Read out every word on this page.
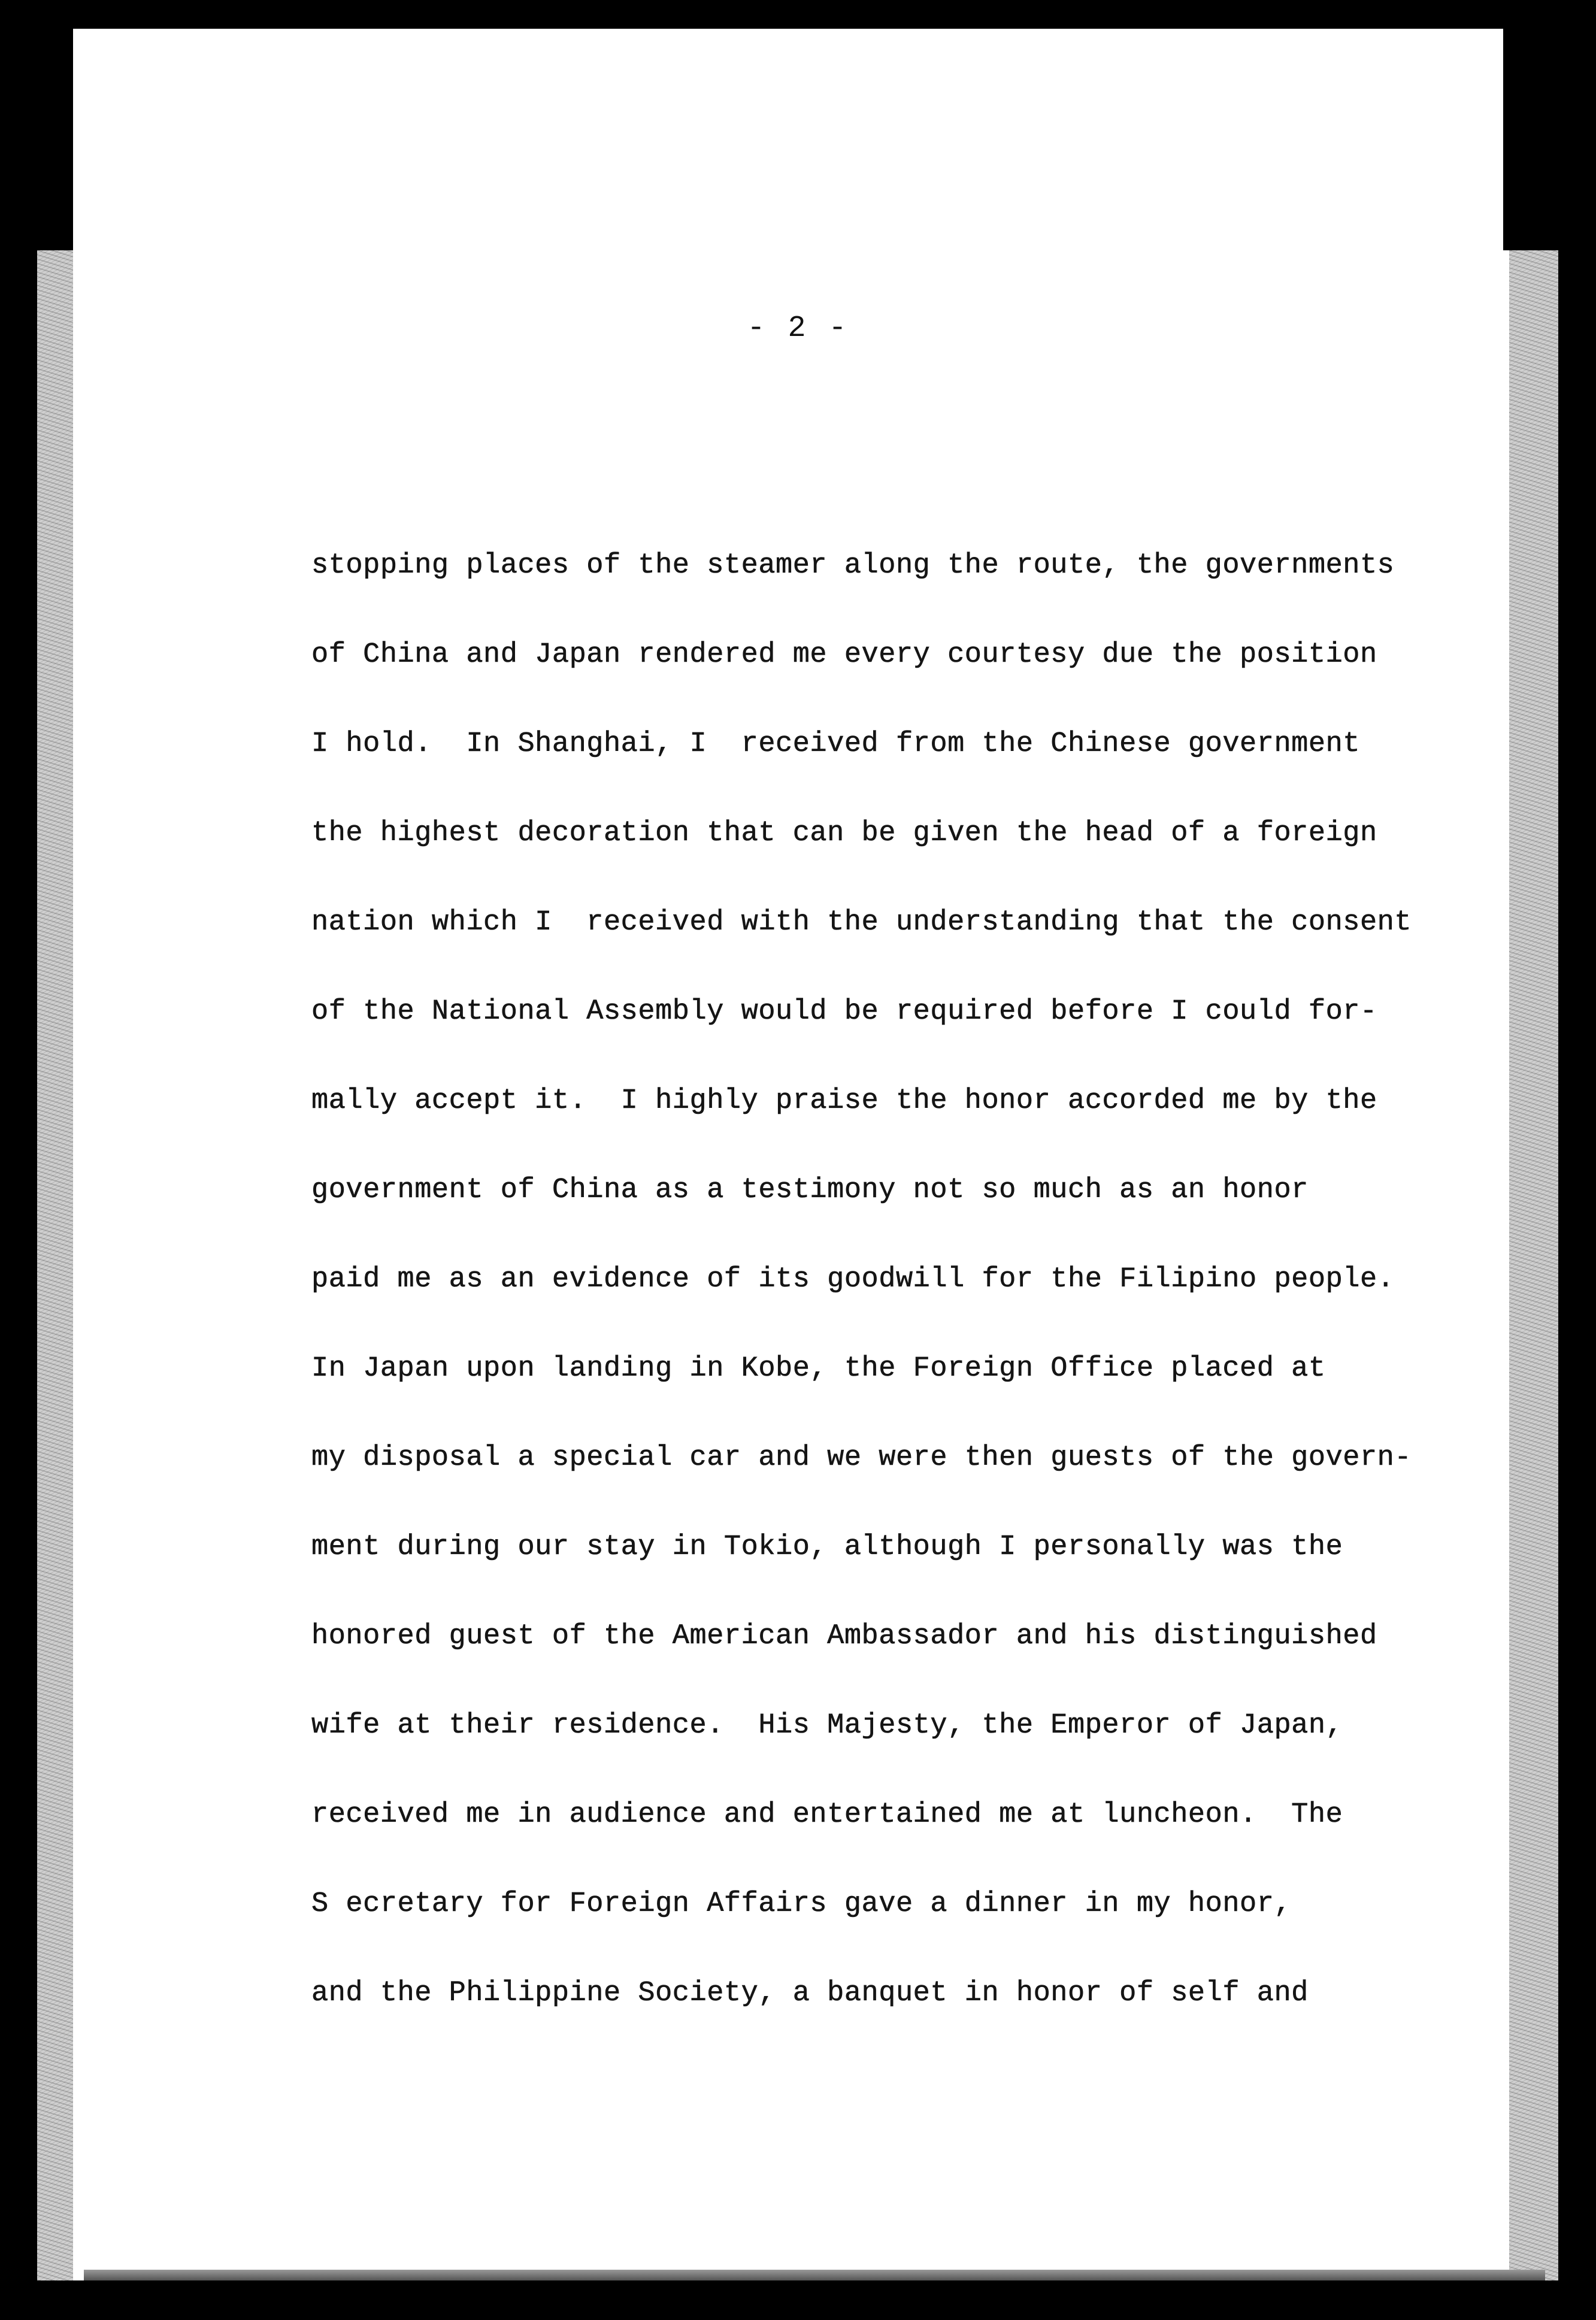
- 2 -
stopping places of the steamer along the route, the governments
of China and Japan rendered me every courtesy due the position
I hold.  In Shanghai, I  received from the Chinese government
the highest decoration that can be given the head of a foreign
nation which I  received with the understanding that the consent
of the National Assembly would be required before I could for-
mally accept it.  I highly praise the honor accorded me by the
government of China as a testimony not so much as an honor
paid me as an evidence of its goodwill for the Filipino people.
In Japan upon landing in Kobe, the Foreign Office placed at
my disposal a special car and we were then guests of the govern-
ment during our stay in Tokio, although I personally was the
honored guest of the American Ambassador and his distinguished
wife at their residence.  His Majesty, the Emperor of Japan,
received me in audience and entertained me at luncheon.  The
S ecretary for Foreign Affairs gave a dinner in my honor,
and the Philippine Society, a banquet in honor of self and
